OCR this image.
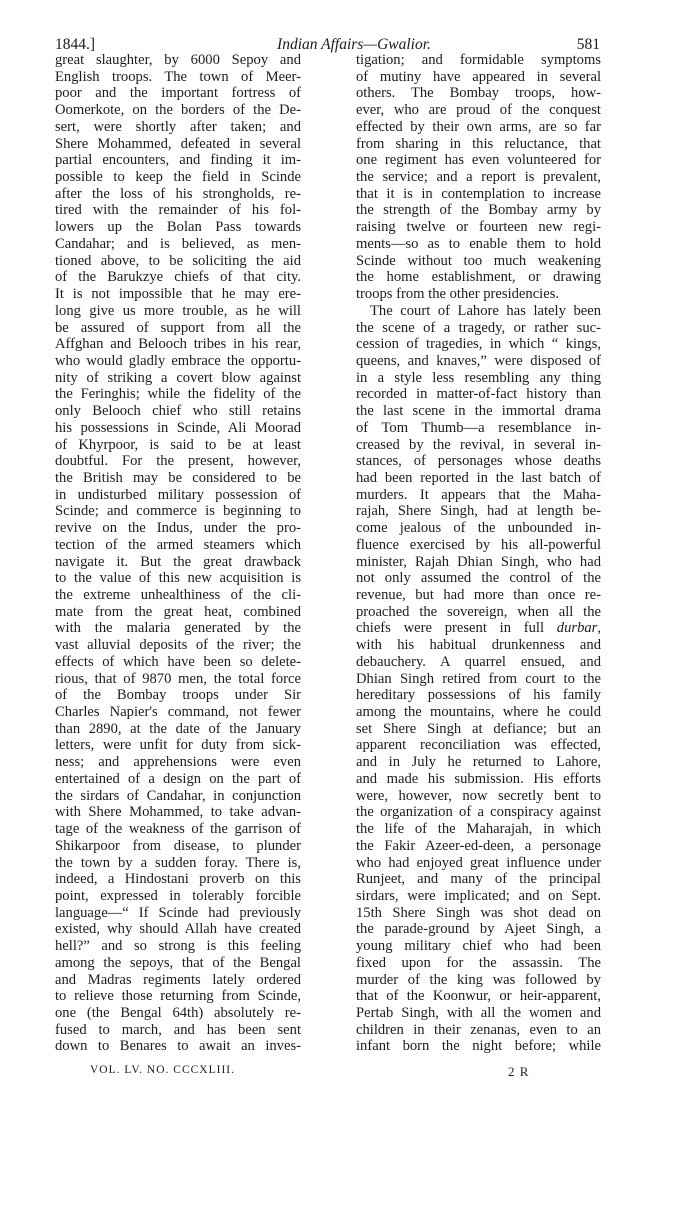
1844.]	Indian Affairs—Gwalior.	581
great slaughter, by 6000 Sepoy and
English troops. The town of Meer-
poor and the important fortress of
Oomerkote, on the borders of the De-
sert, were shortly after taken; and
Shere Mohammed, defeated in several
partial encounters, and finding it im-
possible to keep the field in Scinde
after the loss of his strongholds, re-
tired with the remainder of his fol-
lowers up the Bolan Pass towards
Candahar; and is believed, as men-
tioned above, to be soliciting the aid
of the Barukzye chiefs of that city.
It is not impossible that he may ere-
long give us more trouble, as he will
be assured of support from all the
Affghan and Belooch tribes in his rear,
who would gladly embrace the opportu-
nity of striking a covert blow against
the Feringhis; while the fidelity of the
only Belooch chief who still retains
his possessions in Scinde, Ali Moorad
of Khyrpoor, is said to be at least
doubtful. For the present, however,
the British may be considered to be
in undisturbed military possession of
Scinde; and commerce is beginning to
revive on the Indus, under the pro-
tection of the armed steamers which
navigate it. But the great drawback
to the value of this new acquisition is
the extreme unhealthiness of the cli-
mate from the great heat, combined
with the malaria generated by the
vast alluvial deposits of the river; the
effects of which have been so delete-
rious, that of 9870 men, the total force
of the Bombay troops under Sir
Charles Napier's command, not fewer
than 2890, at the date of the January
letters, were unfit for duty from sick-
ness; and apprehensions were even
entertained of a design on the part of
the sirdars of Candahar, in conjunction
with Shere Mohammed, to take advan-
tage of the weakness of the garrison of
Shikarpoor from disease, to plunder
the town by a sudden foray. There is,
indeed, a Hindostani proverb on this
point, expressed in tolerably forcible
language—“ If Scinde had previously
existed, why should Allah have created
hell?” and so strong is this feeling
among the sepoys, that of the Bengal
and Madras regiments lately ordered
to relieve those returning from Scinde,
one (the Bengal 64th) absolutely re-
fused to march, and has been sent
down to Benares to await an inves-
tigation; and formidable symptoms
of mutiny have appeared in several
others. The Bombay troops, how-
ever, who are proud of the conquest
effected by their own arms, are so far
from sharing in this reluctance, that
one regiment has even volunteered for
the service; and a report is prevalent,
that it is in contemplation to increase
the strength of the Bombay army by
raising twelve or fourteen new regi-
ments—so as to enable them to hold
Scinde without too much weakening
the home establishment, or drawing
troops from the other presidencies.
The court of Lahore has lately been
the scene of a tragedy, or rather suc-
cession of tragedies, in which “ kings,
queens, and knaves,” were disposed of
in a style less resembling any thing
recorded in matter-of-fact history than
the last scene in the immortal drama
of Tom Thumb—a resemblance in-
creased by the revival, in several in-
stances, of personages whose deaths
had been reported in the last batch of
murders. It appears that the Maha-
rajah, Shere Singh, had at length be-
come jealous of the unbounded in-
fluence exercised by his all-powerful
minister, Rajah Dhian Singh, who had
not only assumed the control of the
revenue, but had more than once re-
proached the sovereign, when all the
chiefs were present in full durbar,
with his habitual drunkenness and
debauchery. A quarrel ensued, and
Dhian Singh retired from court to the
hereditary possessions of his family
among the mountains, where he could
set Shere Singh at defiance; but an
apparent reconciliation was effected,
and in July he returned to Lahore,
and made his submission. His efforts
were, however, now secretly bent to
the organization of a conspiracy against
the life of the Maharajah, in which
the Fakir Azeer-ed-deen, a personage
who had enjoyed great influence under
Runjeet, and many of the principal
sirdars, were implicated; and on Sept.
15th Shere Singh was shot dead on
the parade-ground by Ajeet Singh, a
young military chief who had been
fixed upon for the assassin. The
murder of the king was followed by
that of the Koonwur, or heir-apparent,
Pertab Singh, with all the women and
children in their zenanas, even to an
infant born the night before; while
VOL. LV. NO. CCCXLIII.	2 R
